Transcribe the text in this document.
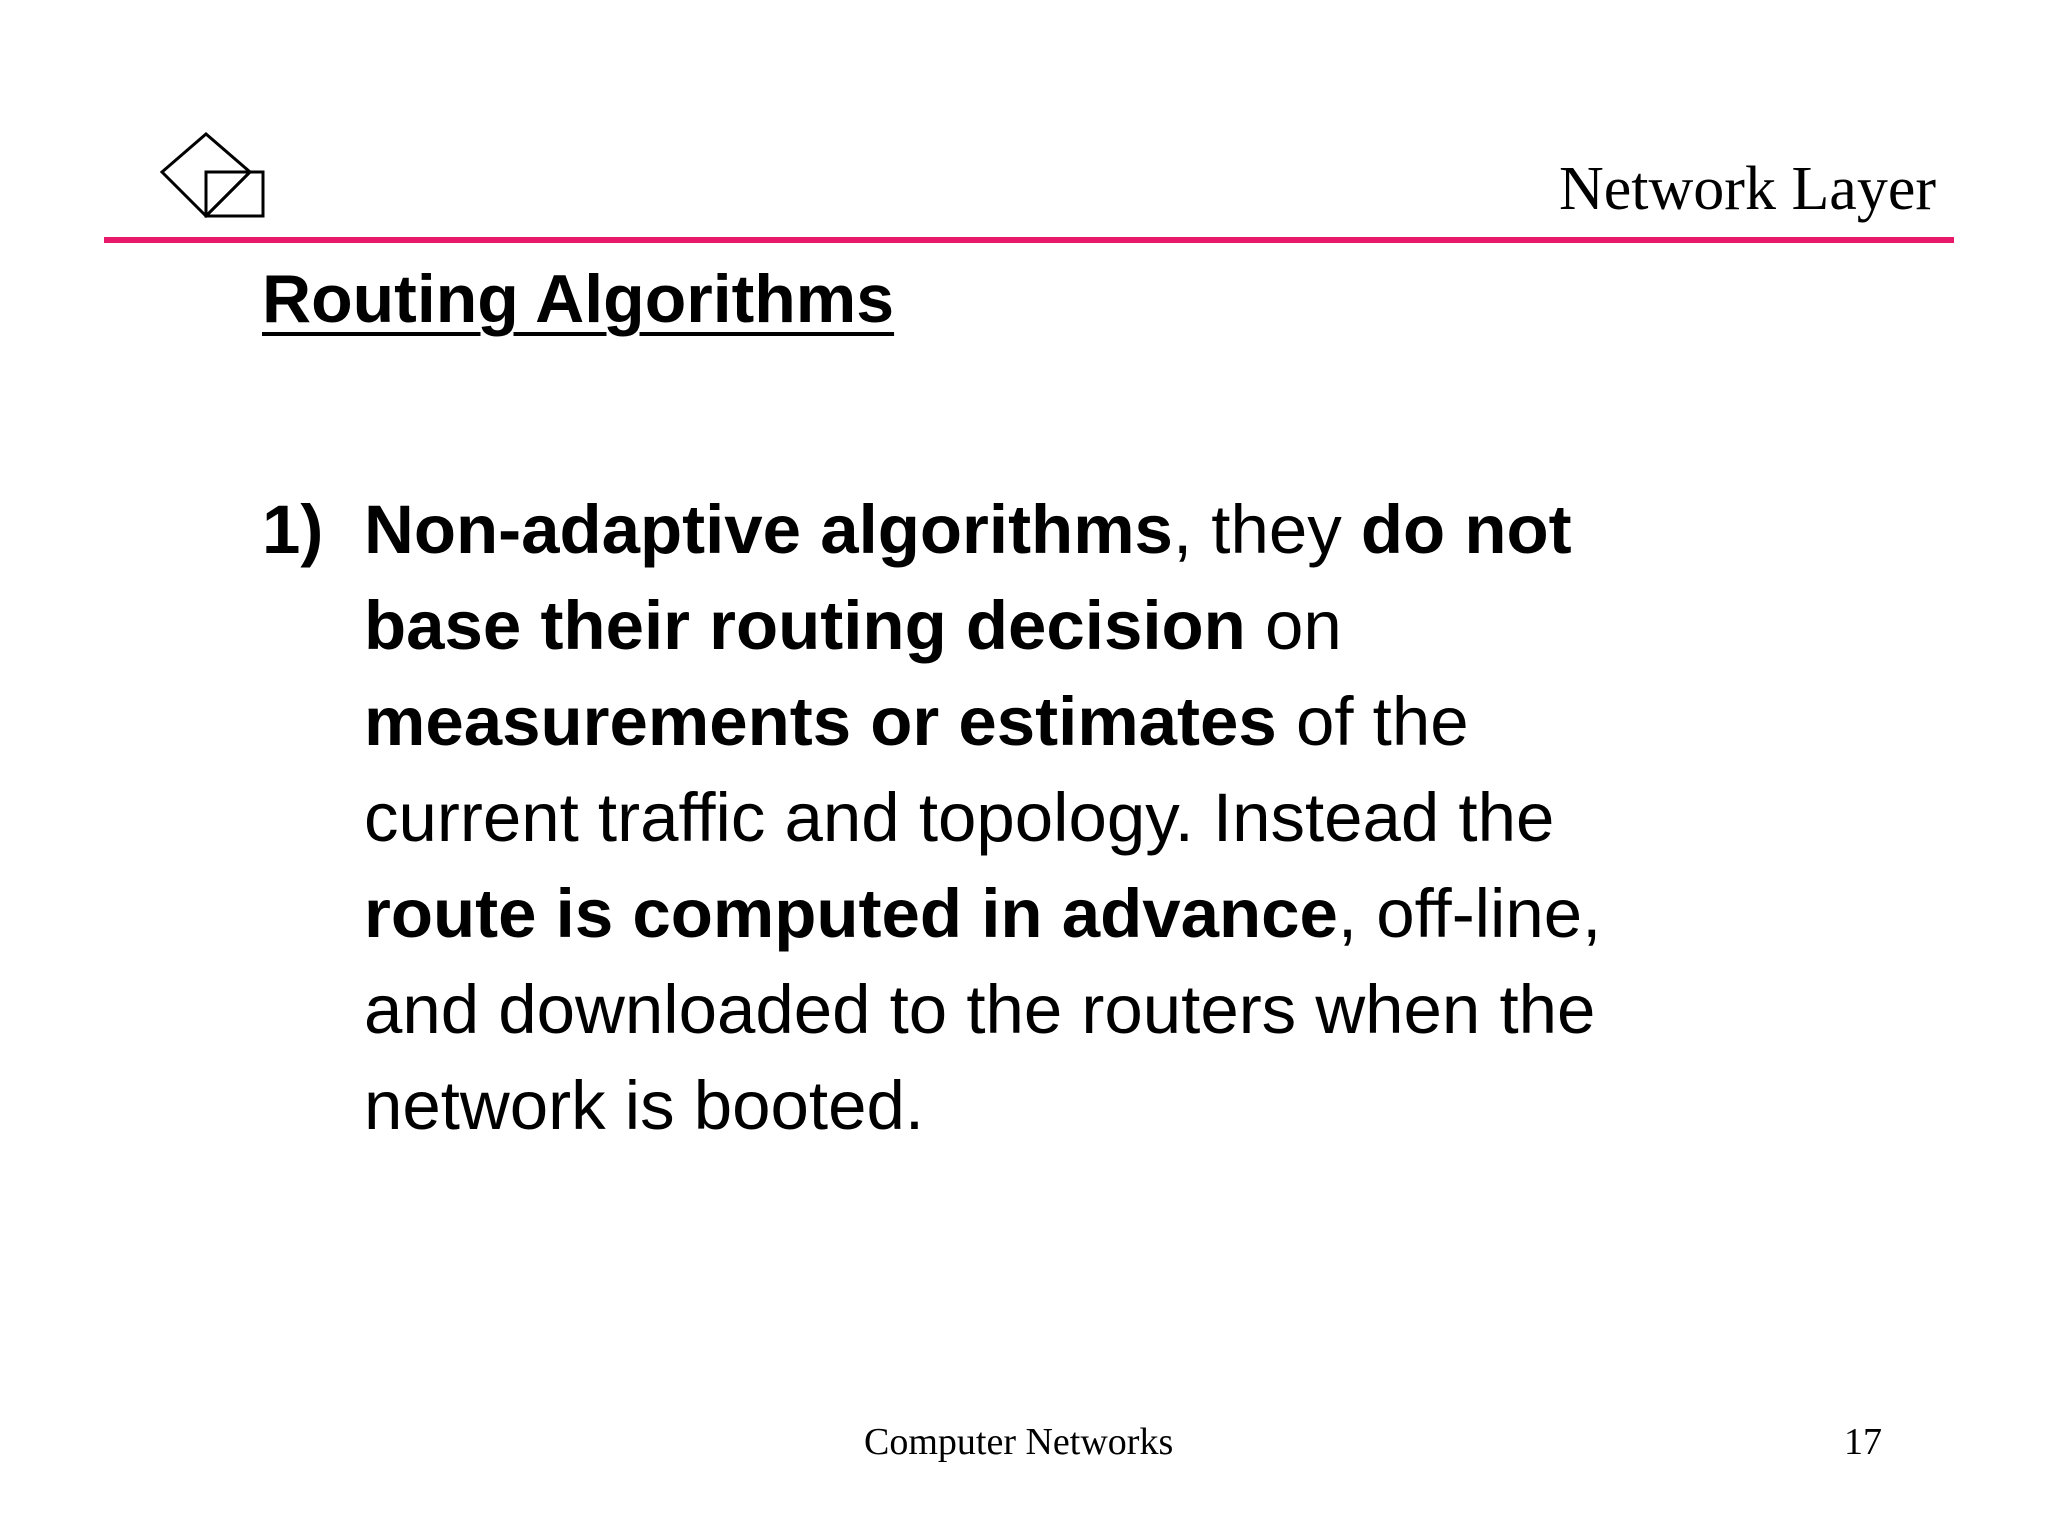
Network Layer
Routing Algorithms
1) Non-adaptive algorithms, they do not
base their routing decision on
measurements or estimates of the
current traffic and topology. Instead the
route is computed in advance, off-line,
and downloaded to the routers when the
network is booted.
Computer Networks	17
